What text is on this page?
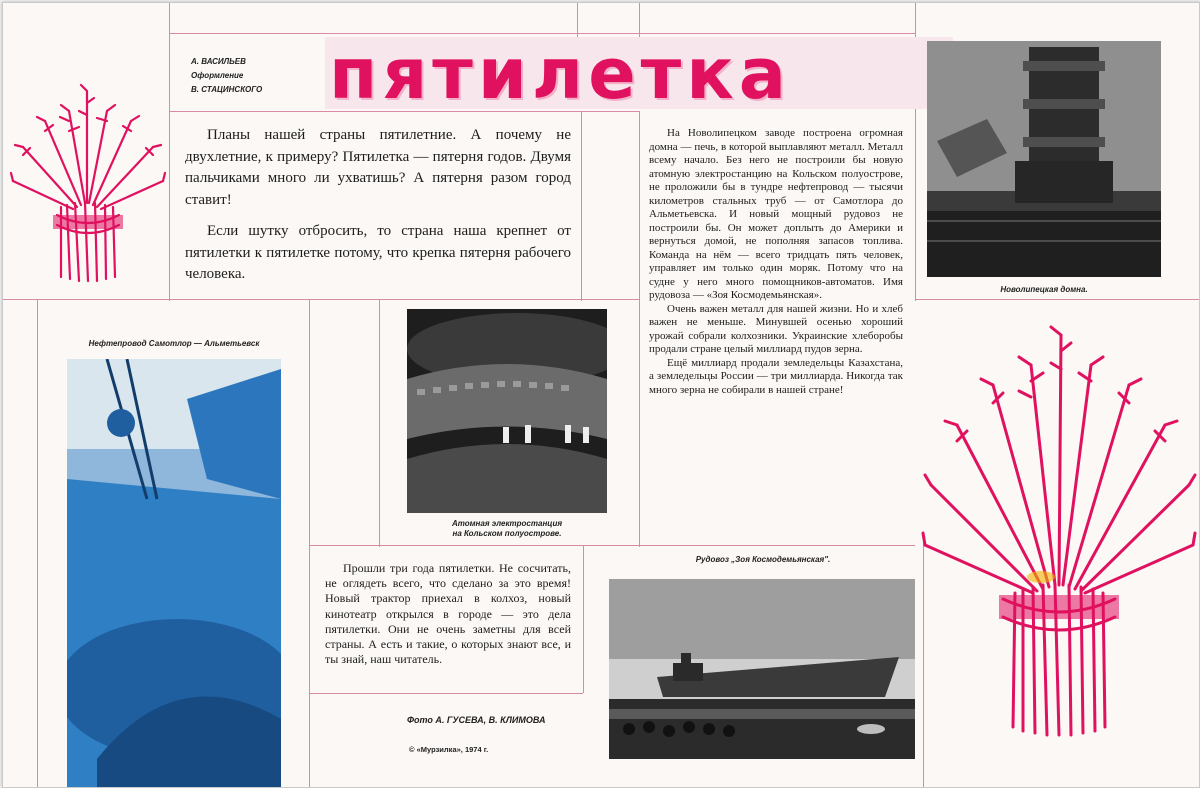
А. ВАСИЛЬЕВ
Оформление
В. СТАЦИНСКОГО пятилетка

Планы нашей страны пятилетние. А почему не двухлетние, к примеру? Пятилетка — пятерня годов. Двумя пальчиками много ли ухватишь? А пятерня разом город ставит!

Если шутку отбросить, то страна наша крепнет от пятилетки к пятилетке потому, что крепка пятерня рабочего человека.

На Новолипецком заводе построена огромная домна — печь, в которой выплавляют металл. Металл всему начало. Без него не построили бы новую атомную электростанцию на Кольском полуострове, не проложили бы в тундре нефтепровод — тысячи километров стальных труб — от Самотлора до Альметьевска. И новый мощный рудовоз не построили бы. Он может доплыть до Америки и вернуться домой, не пополняя запасов топлива. Команда на нём — всего тридцать пять человек, управляет им только один моряк. Потому что на судне у него много помощников-автоматов. Имя рудовоза — «Зоя Космодемьянская».

Очень важен металл для нашей жизни. Но и хлеб важен не меньше. Минувшей осенью хороший урожай собрали колхозники. Украинские хлеборобы продали стране целый миллиард пудов зерна.

Ещё миллиард продали земледельцы Казахстана, а земледельцы России — три миллиарда. Никогда так много зерна не собирали в нашей стране!

Новолипецкая домна.
Нефтепровод Самотлор — Альметьевск
Атомная электростанция
на Кольском полуострове.

Прошли три года пятилетки. Не сосчитать, не оглядеть всего, что сделано за это время! Новый трактор приехал в колхоз, новый кинотеатр открылся в городе — это дела пятилетки. Они не очень заметны для всей страны. А есть и такие, о которых знают все, и ты знай, наш читатель.

Рудовоз „Зоя Космодемьянская".
Фото А. ГУСЕВА, В. КЛИМОВА
© «Мурзилка», 1974 г.
